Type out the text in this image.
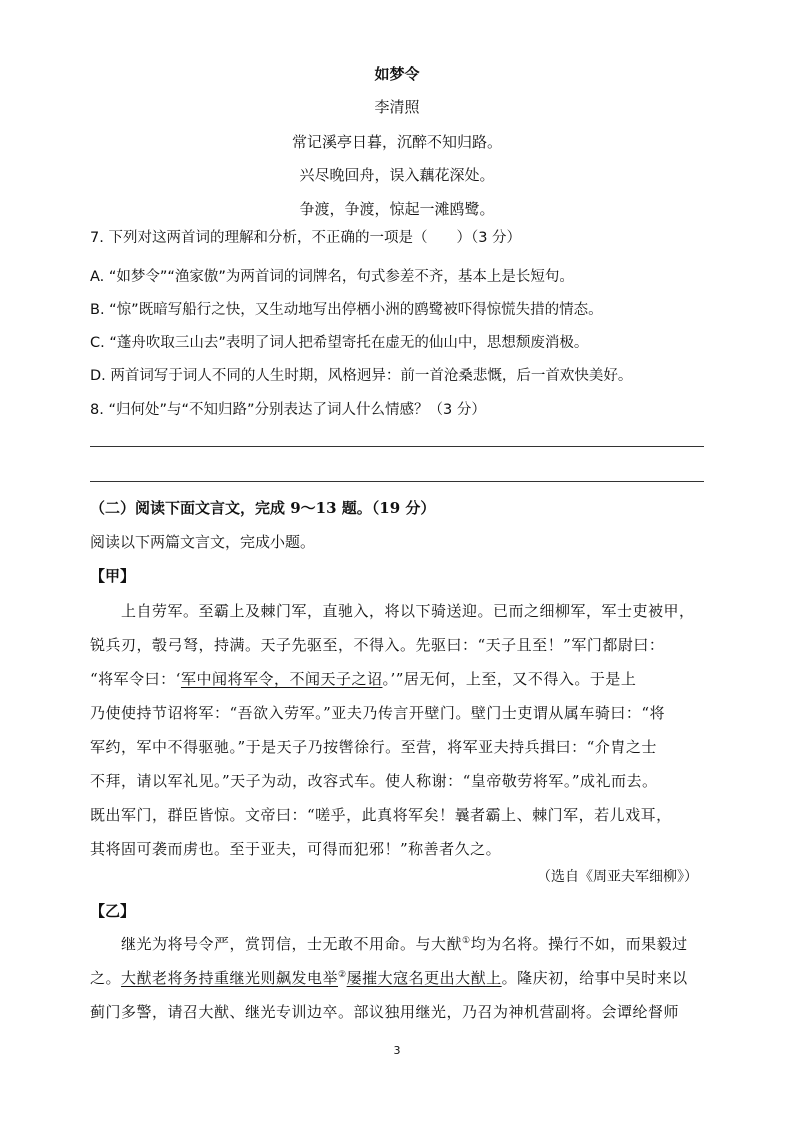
如梦令
李清照
常记溪亭日暮，沉醉不知归路。
兴尽晚回舟，误入藕花深处。
争渡，争渡，惊起一滩鸥鹭。
7. 下列对这两首词的理解和分析，不正确的一项是（　　）（3 分）
A. “如梦令”“渔家傲”为两首词的词牌名，句式参差不齐，基本上是长短句。
B. “惊”既暗写船行之快，又生动地写出停栖小洲的鸥鹭被吓得惊慌失措的情态。
C. “蓬舟吹取三山去”表明了词人把希望寄托在虚无的仙山中，思想颓废消极。
D. 两首词写于词人不同的人生时期，风格迥异：前一首沧桑悲慨，后一首欢快美好。
8. “归何处”与“不知归路”分别表达了词人什么情感？（3 分）
（二）阅读下面文言文，完成 9～13 题。（19 分）
阅读以下两篇文言文，完成小题。
【甲】
上自劳军。至霸上及棘门军，直驰入，将以下骑送迎。已而之细柳军，军士吏被甲，
锐兵刃，彀弓弩，持满。天子先驱至，不得入。先驱曰：“天子且至！”军门都尉曰：
“将军令曰：‘军中闻将军令，不闻天子之诏。’”居无何，上至，又不得入。于是上
乃使使持节诏将军：“吾欲入劳军。”亚夫乃传言开壁门。壁门士吏谓从属车骑曰：“将
军约，军中不得驱驰。”于是天子乃按辔徐行。至营，将军亚夫持兵揖曰：“介胄之士
不拜，请以军礼见。”天子为动，改容式车。使人称谢：“皇帝敬劳将军。”成礼而去。
既出军门，群臣皆惊。文帝曰：“嗟乎，此真将军矣！曩者霸上、棘门军，若儿戏耳，
其将固可袭而虏也。至于亚夫，可得而犯邪！”称善者久之。
（选自《周亚夫军细柳》）
【乙】
继光为将号令严，赏罚信，士无敢不用命。与大猷①均为名将。操行不如，而果毅过
之。大猷老将务持重继光则飙发电举②屡摧大寇名更出大猷上。隆庆初，给事中吴时来以
蓟门多警，请召大猷、继光专训边卒。部议独用继光，乃召为神机营副将。会谭纶督师
3
